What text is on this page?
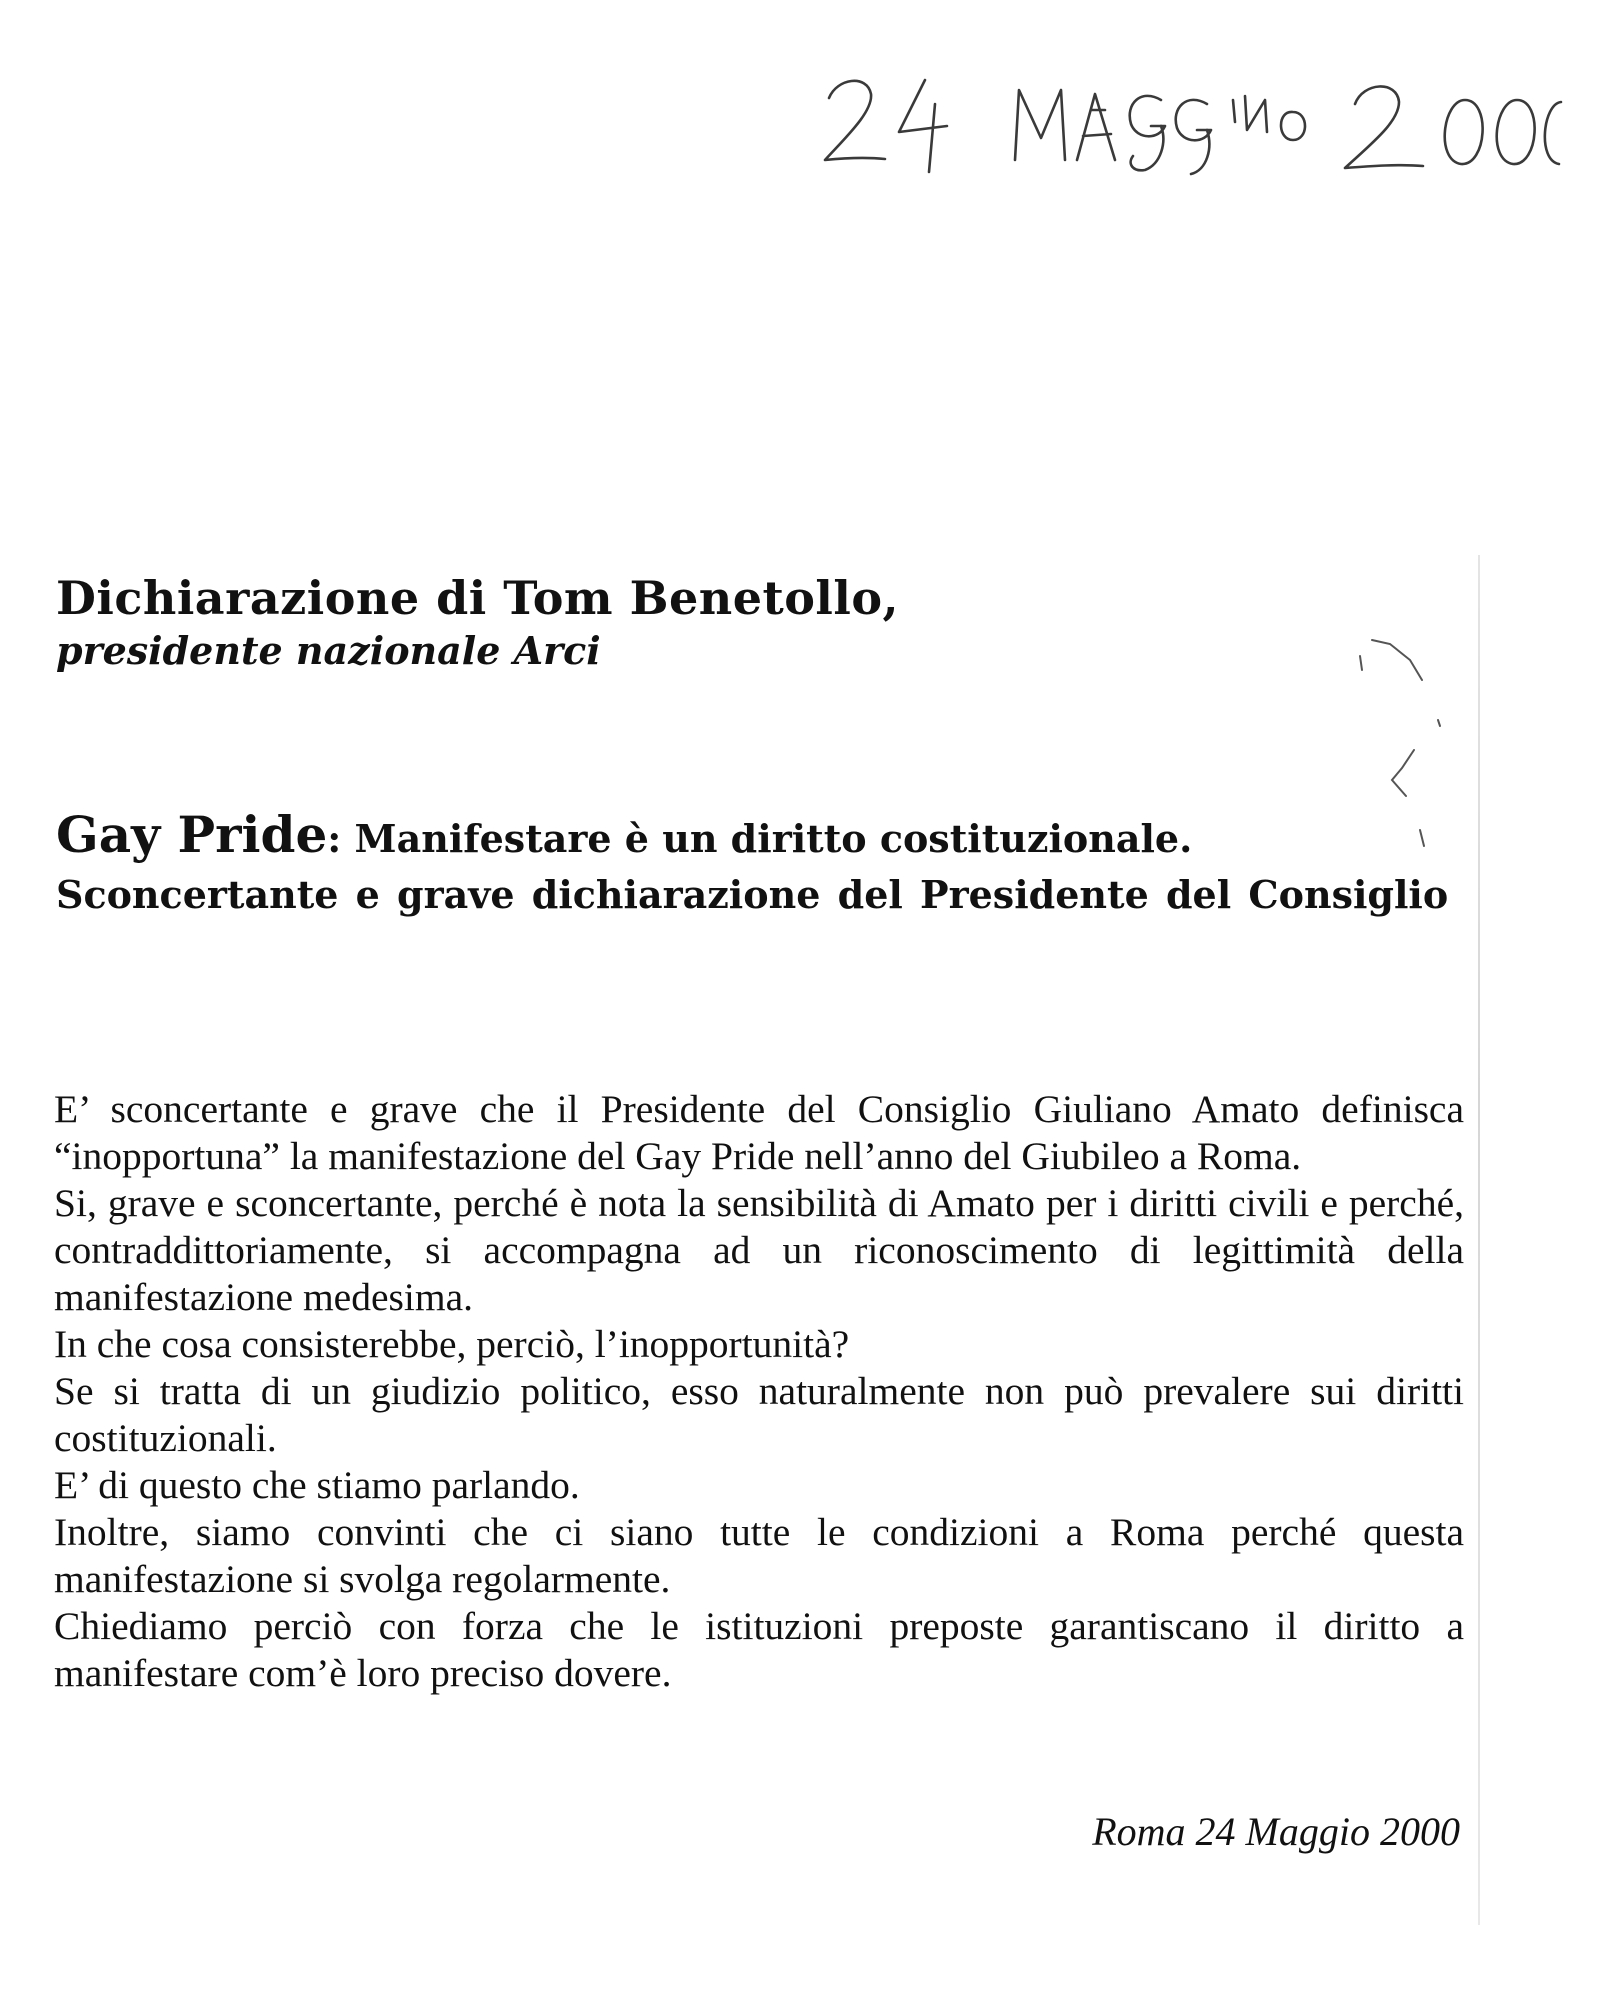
Dichiarazione di Tom Benetollo,
presidente nazionale Arci
Gay Pride: Manifestare è un diritto costituzionale.
Sconcertante e grave dichiarazione del Presidente del Consiglio

E’ sconcertante e grave che il Presidente del Consiglio Giuliano Amato definisca “inopportuna” la manifestazione del Gay Pride nell’anno del Giubileo a Roma.

Si, grave e sconcertante, perché è nota la sensibilità di Amato per i diritti civili e perché, contraddittoriamente, si accompagna ad un riconoscimento di legittimità della manifestazione medesima.

In che cosa consisterebbe, perciò, l’inopportunità?

Se si tratta di un giudizio politico, esso naturalmente non può prevalere sui diritti costituzionali.

E’ di questo che stiamo parlando.

Inoltre, siamo convinti che ci siano tutte le condizioni a Roma perché questa manifestazione si svolga regolarmente.

Chiediamo perciò con forza che le istituzioni preposte garantiscano il diritto a manifestare com’è loro preciso dovere.

Roma 24 Maggio 2000
